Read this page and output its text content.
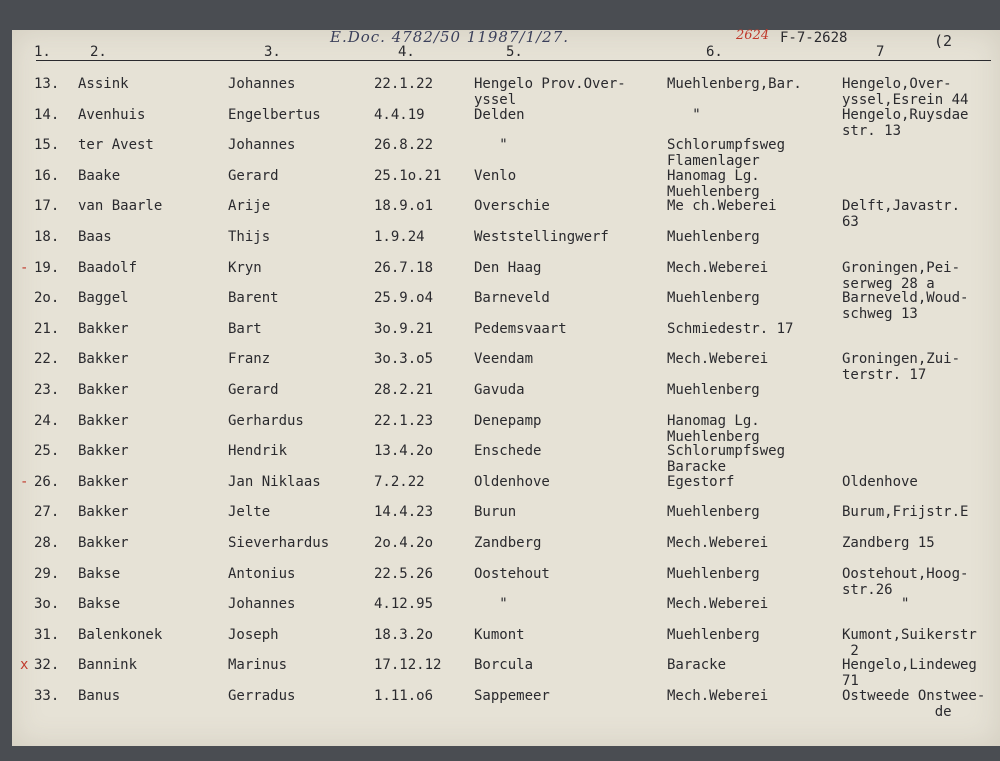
E.Doc. 4782/50 11987/1/27.	2624 F-7-2628	(2
1.	2.	3.	4.	5.	6.	7
13. Assink	Johannes	22.1.22	Hengelo Prov.Over-
yssel
Muehlenberg,Bar.	Hengelo,Over-
yssel,Esrein 44
14. Avenhuis	Engelbertus	4.4.19	Delden	"	Hengelo,Ruysdae
str. 13
15. ter Avest	Johannes	26.8.22	"	Schlorumpfsweg
Flamenlager
16. Baake	Gerard	25.1o.21 Venlo	Hanomag Lg.
Muehlenberg
17. van Baarle	Arije	18.9.o1	Overschie	Me ch.Weberei	Delft,Javastr.
63
18. Baas	Thijs	1.9.24	Weststellingwerf	Muehlenberg
- 19. Baadolf	Kryn	26.7.18	Den Haag	Mech.Weberei	Groningen,Pei-
serweg 28 a
2o. Baggel	Barent	25.9.o4	Barneveld	Muehlenberg	Barneveld,Woud-
schweg 13
21. Bakker	Bart	3o.9.21	Pedemsvaart	Schmiedestr. 17
22. Bakker	Franz	3o.3.o5	Veendam	Mech.Weberei	Groningen,Zui-
terstr. 17
23. Bakker	Gerard	28.2.21	Gavuda	Muehlenberg
24. Bakker	Gerhardus	22.1.23	Denepamp	Hanomag Lg.
Muehlenberg
25. Bakker	Hendrik	13.4.2o	Enschede	Schlorumpfsweg
Baracke
- 26. Bakker	Jan Niklaas	7.2.22	Oldenhove	Egestorf	Oldenhove
27. Bakker	Jelte	14.4.23	Burun	Muehlenberg	Burum,Frijstr.E
28. Bakker	Sieverhardus	2o.4.2o	Zandberg	Mech.Weberei	Zandberg 15
29. Bakse	Antonius	22.5.26	Oostehout	Muehlenberg	Oostehout,Hoog-
str.26
3o. Bakse	Johannes	4.12.95	"	Mech.Weberei	"
31. Balenkonek	Joseph	18.3.2o	Kumont	Muehlenberg	Kumont,Suikerstr
2
x 32. Bannink	Marinus	17.12.12 Borcula	Baracke	Hengelo,Lindeweg
71
33. Banus	Gerradus	1.11.o6	Sappemeer	Mech.Weberei	Ostweede Onstwee-
de
